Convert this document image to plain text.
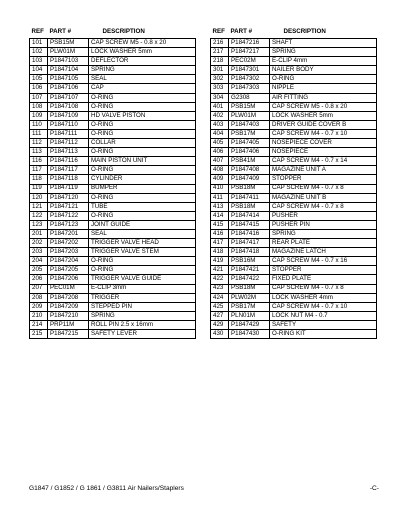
REF	PART #	DESCRIPTION
101	PSB15M	CAP SCREW M5 - 0.8 x 20
102	PLW01M	LOCK WASHER 5mm
103	P1847103	DEFLECTOR
104	P1847104	SPRING
105	P1847105	SEAL
106	P1847106	CAP
107	P1847107	O-RING
108	P1847108	O-RING
109	P1847109	HD VALVE PISTON
110	P1847110	O-RING
111	P1847111	O-RING
112	P1847112	COLLAR
113	P1847113	O-RING
116	P1847116	MAIN PISTON UNIT
117	P1847117	O-RING
118	P1847118	CYLINDER
119	P1847119	BUMPER
120	P1847120	O-RING
121	P1847121	TUBE
122	P1847122	O-RING
123	P1847123	JOINT GUIDE
201	P1847201	SEAL
202	P1847202	TRIGGER VALVE HEAD
203	P1847203	TRIGGER VALVE STEM
204	P1847204	O-RING
205	P1847205	O-RING
206	P1847206	TRIGGER VALVE GUIDE
207	PEC01M	E-CLIP 3mm
208	P1847208	TRIGGER
209	P1847209	STEPPED PIN
210	P1847210	SPRING
214	PRP11M	ROLL PIN 2.5 x 16mm
215	P1847215	SAFETY LEVER
REF	PART #	DESCRIPTION
216	P1847216	SHAFT
217	P1847217	SPRING
218	PEC02M	E-CLIP 4mm
301	P1847301	NAILER BODY
302	P1847302	O-RING
303	P1847303	NIPPLE
304	G2308	AIR FITTING
401	PSB15M	CAP SCREW M5 - 0.8 x 20
402	PLW01M	LOCK WASHER 5mm
403	P1847403	DRIVER GUIDE COVER B
404	PSB17M	CAP SCREW M4 - 0.7 x 10
405	P1847405	NOSEPIECE COVER
406	P1847406	NOSEPIECE
407	PSB41M	CAP SCREW M4 - 0.7 x 14
408	P1847408	MAGAZINE UNIT A
409	P1847409	STOPPER
410	PSB18M	CAP SCREW M4 - 0.7 x 8
411	P1847411	MAGAZINE UNIT B
413	PSB18M	CAP SCREW M4 - 0.7 x 8
414	P1847414	PUSHER
415	P1847415	PUSHER PIN
416	P1847416	SPRING
417	P1847417	REAR PLATE
418	P1847418	MAGAZINE LATCH
419	PSB16M	CAP SCREW M4 - 0.7 x 16
421	P1847421	STOPPER
422	P1847422	FIXED PLATE
423	PSB18M	CAP SCREW M4 - 0.7 x 8
424	PLW02M	LOCK WASHER 4mm
425	PSB17M	CAP SCREW M4 - 0.7 x 10
427	PLN01M	LOCK NUT M4 - 0.7
429	P1847429	SAFETY
430	P1847430	O-RING KIT
G1847 / G1852 / G 1861 / G3811 Air Nailers/Staplers	-C-
